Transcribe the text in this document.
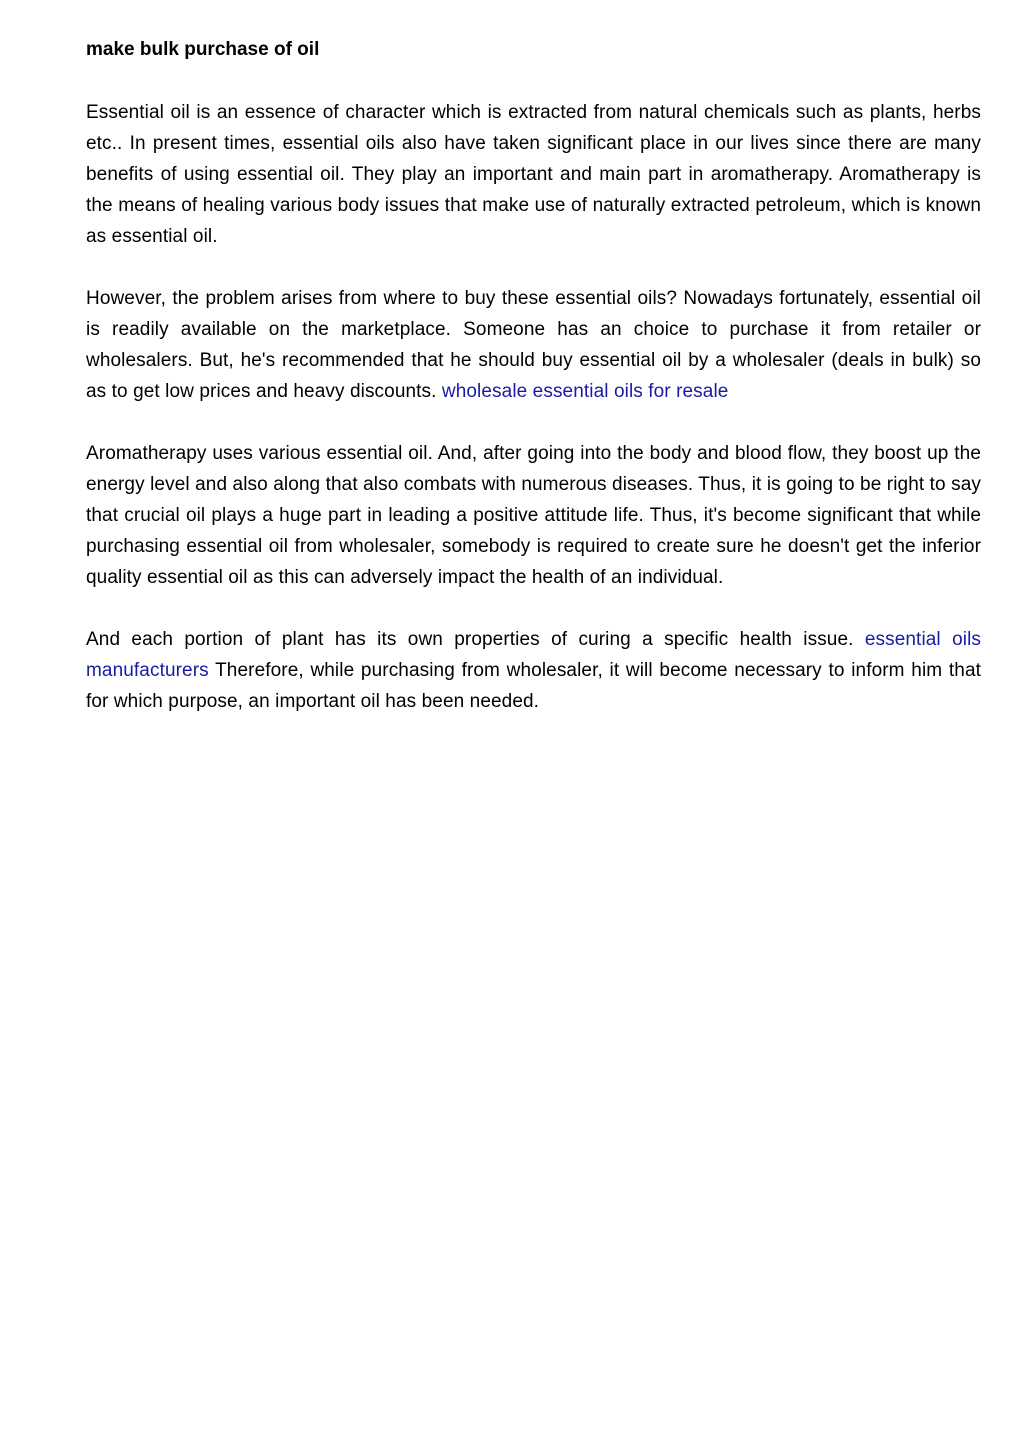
make bulk purchase of oil

Essential oil is an essence of character which is extracted from natural chemicals such as plants, herbs etc.. In present times, essential oils also have taken significant place in our lives since there are many benefits of using essential oil. They play an important and main part in aromatherapy. Aromatherapy is the means of healing various body issues that make use of naturally extracted petroleum, which is known as essential oil.

However, the problem arises from where to buy these essential oils? Nowadays fortunately, essential oil is readily available on the marketplace. Someone has an choice to purchase it from retailer or wholesalers. But, he's recommended that he should buy essential oil by a wholesaler (deals in bulk) so as to get low prices and heavy discounts. wholesale essential oils for resale

Aromatherapy uses various essential oil. And, after going into the body and blood flow, they boost up the energy level and also along that also combats with numerous diseases. Thus, it is going to be right to say that crucial oil plays a huge part in leading a positive attitude life. Thus, it's become significant that while purchasing essential oil from wholesaler, somebody is required to create sure he doesn't get the inferior quality essential oil as this can adversely impact the health of an individual.

And each portion of plant has its own properties of curing a specific health issue. essential oils manufacturers Therefore, while purchasing from wholesaler, it will become necessary to inform him that for which purpose, an important oil has been needed.
